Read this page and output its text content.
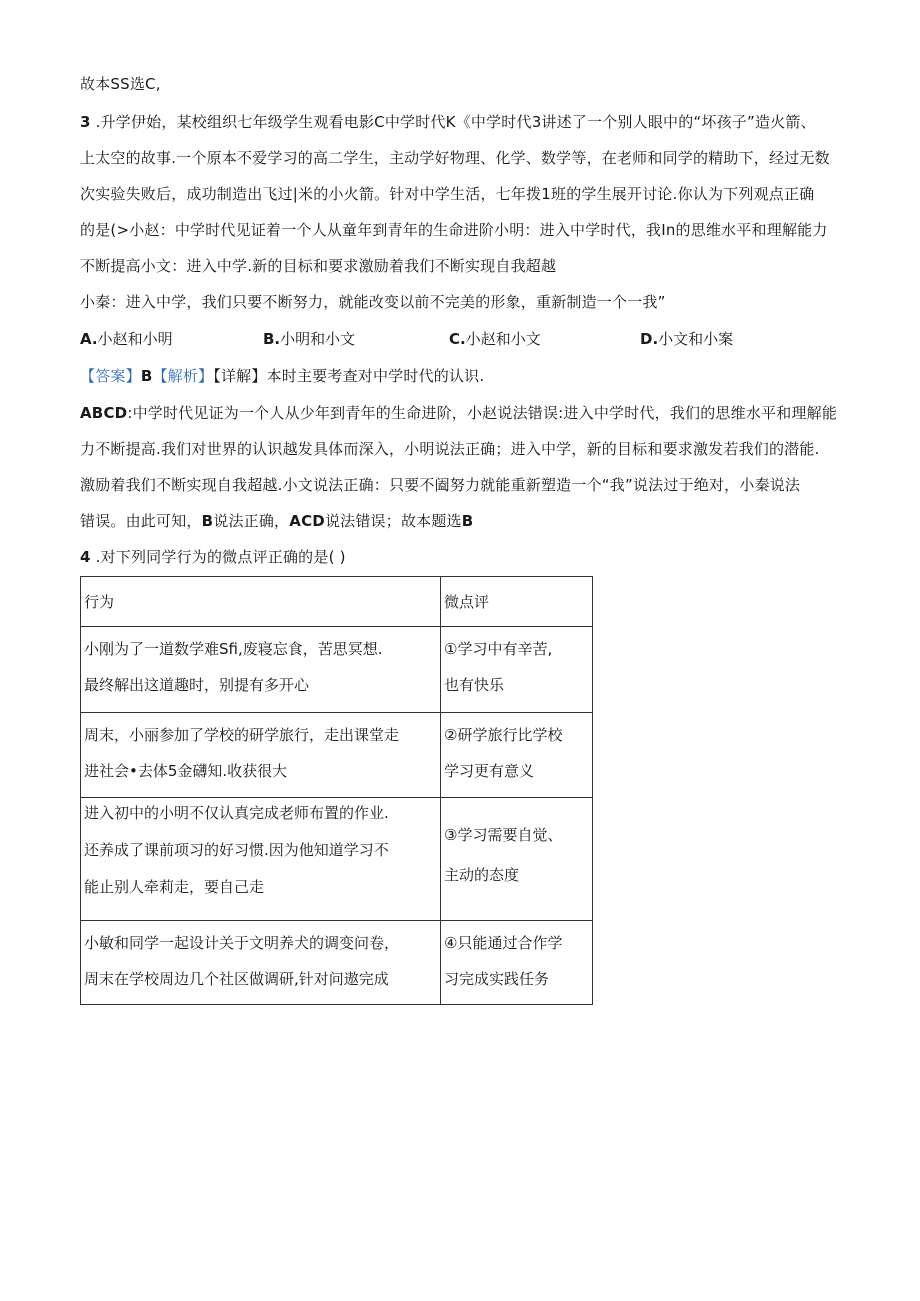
故本SS选C,
3 .升学伊始，某校组织七年级学生观看电影C中学时代K《中学时代3讲述了一个别人眼中的“坏孩子”造火箭、
上太空的故事.一个原本不爱学习的高二学生，主动学好物理、化学、数学等，在老师和同学的精助下，经过无数
次实验失败后，成功制造出飞过|米的小火箭。针对中学生活，七年拨1班的学生展开讨论.你认为下列观点正确
的是(>小赵：中学时代见证着一个人从童年到青年的生命进阶小明：进入中学时代，我In的思维水平和理解能力
不断提高小文：进入中学.新的目标和要求激励着我们不断实现自我超越
小秦：进入中学，我们只要不断努力，就能改变以前不完美的形象，重新制造一个一我”
A.小赵和小明	B.小明和小文	C.小赵和小文	D.小文和小案
【答案】B【解析】【详解】本时主要考查对中学时代的认识.
ABCD:中学时代见证为一个人从少年到青年的生命进阶，小赵说法错误:进入中学时代，我们的思维水平和理解能
力不断提高.我们对世界的认识越发具体而深入，小明说法正确；进入中学，新的目标和要求激发若我们的潜能.
激励着我们不断实现自我超越.小文说法正确：只要不阖努力就能重新塑造一个“我”说法过于绝对，小秦说法
错误。由此可知，B说法正确，ACD说法错误；故本题选B
4 .对下列同学行为的微点评正确的是( )
行为	微点评

小刚为了一道数学难Sfi,废寝忘食，苦思冥想.
最终解出这道趣时，别提有多开心	①学习中有辛苦,
也有快乐

周末，小丽参加了学校的研学旅行，走出课堂走
进社会•去体5金礴知.收获很大	②研学旅行比学校
学习更有意义

进入初中的小明不仅认真完成老师布置的作业.
还养成了课前项习的好习惯.因为他知道学习不
能止别人牵莉走，要自己走	③学习需要自觉、
主动的态度

小敏和同学一起设计关于文明养犬的调变问卷，
周末在学校周边几个社区做调研,针对问遨完成	④只能通过合作学
习完成实践任务
